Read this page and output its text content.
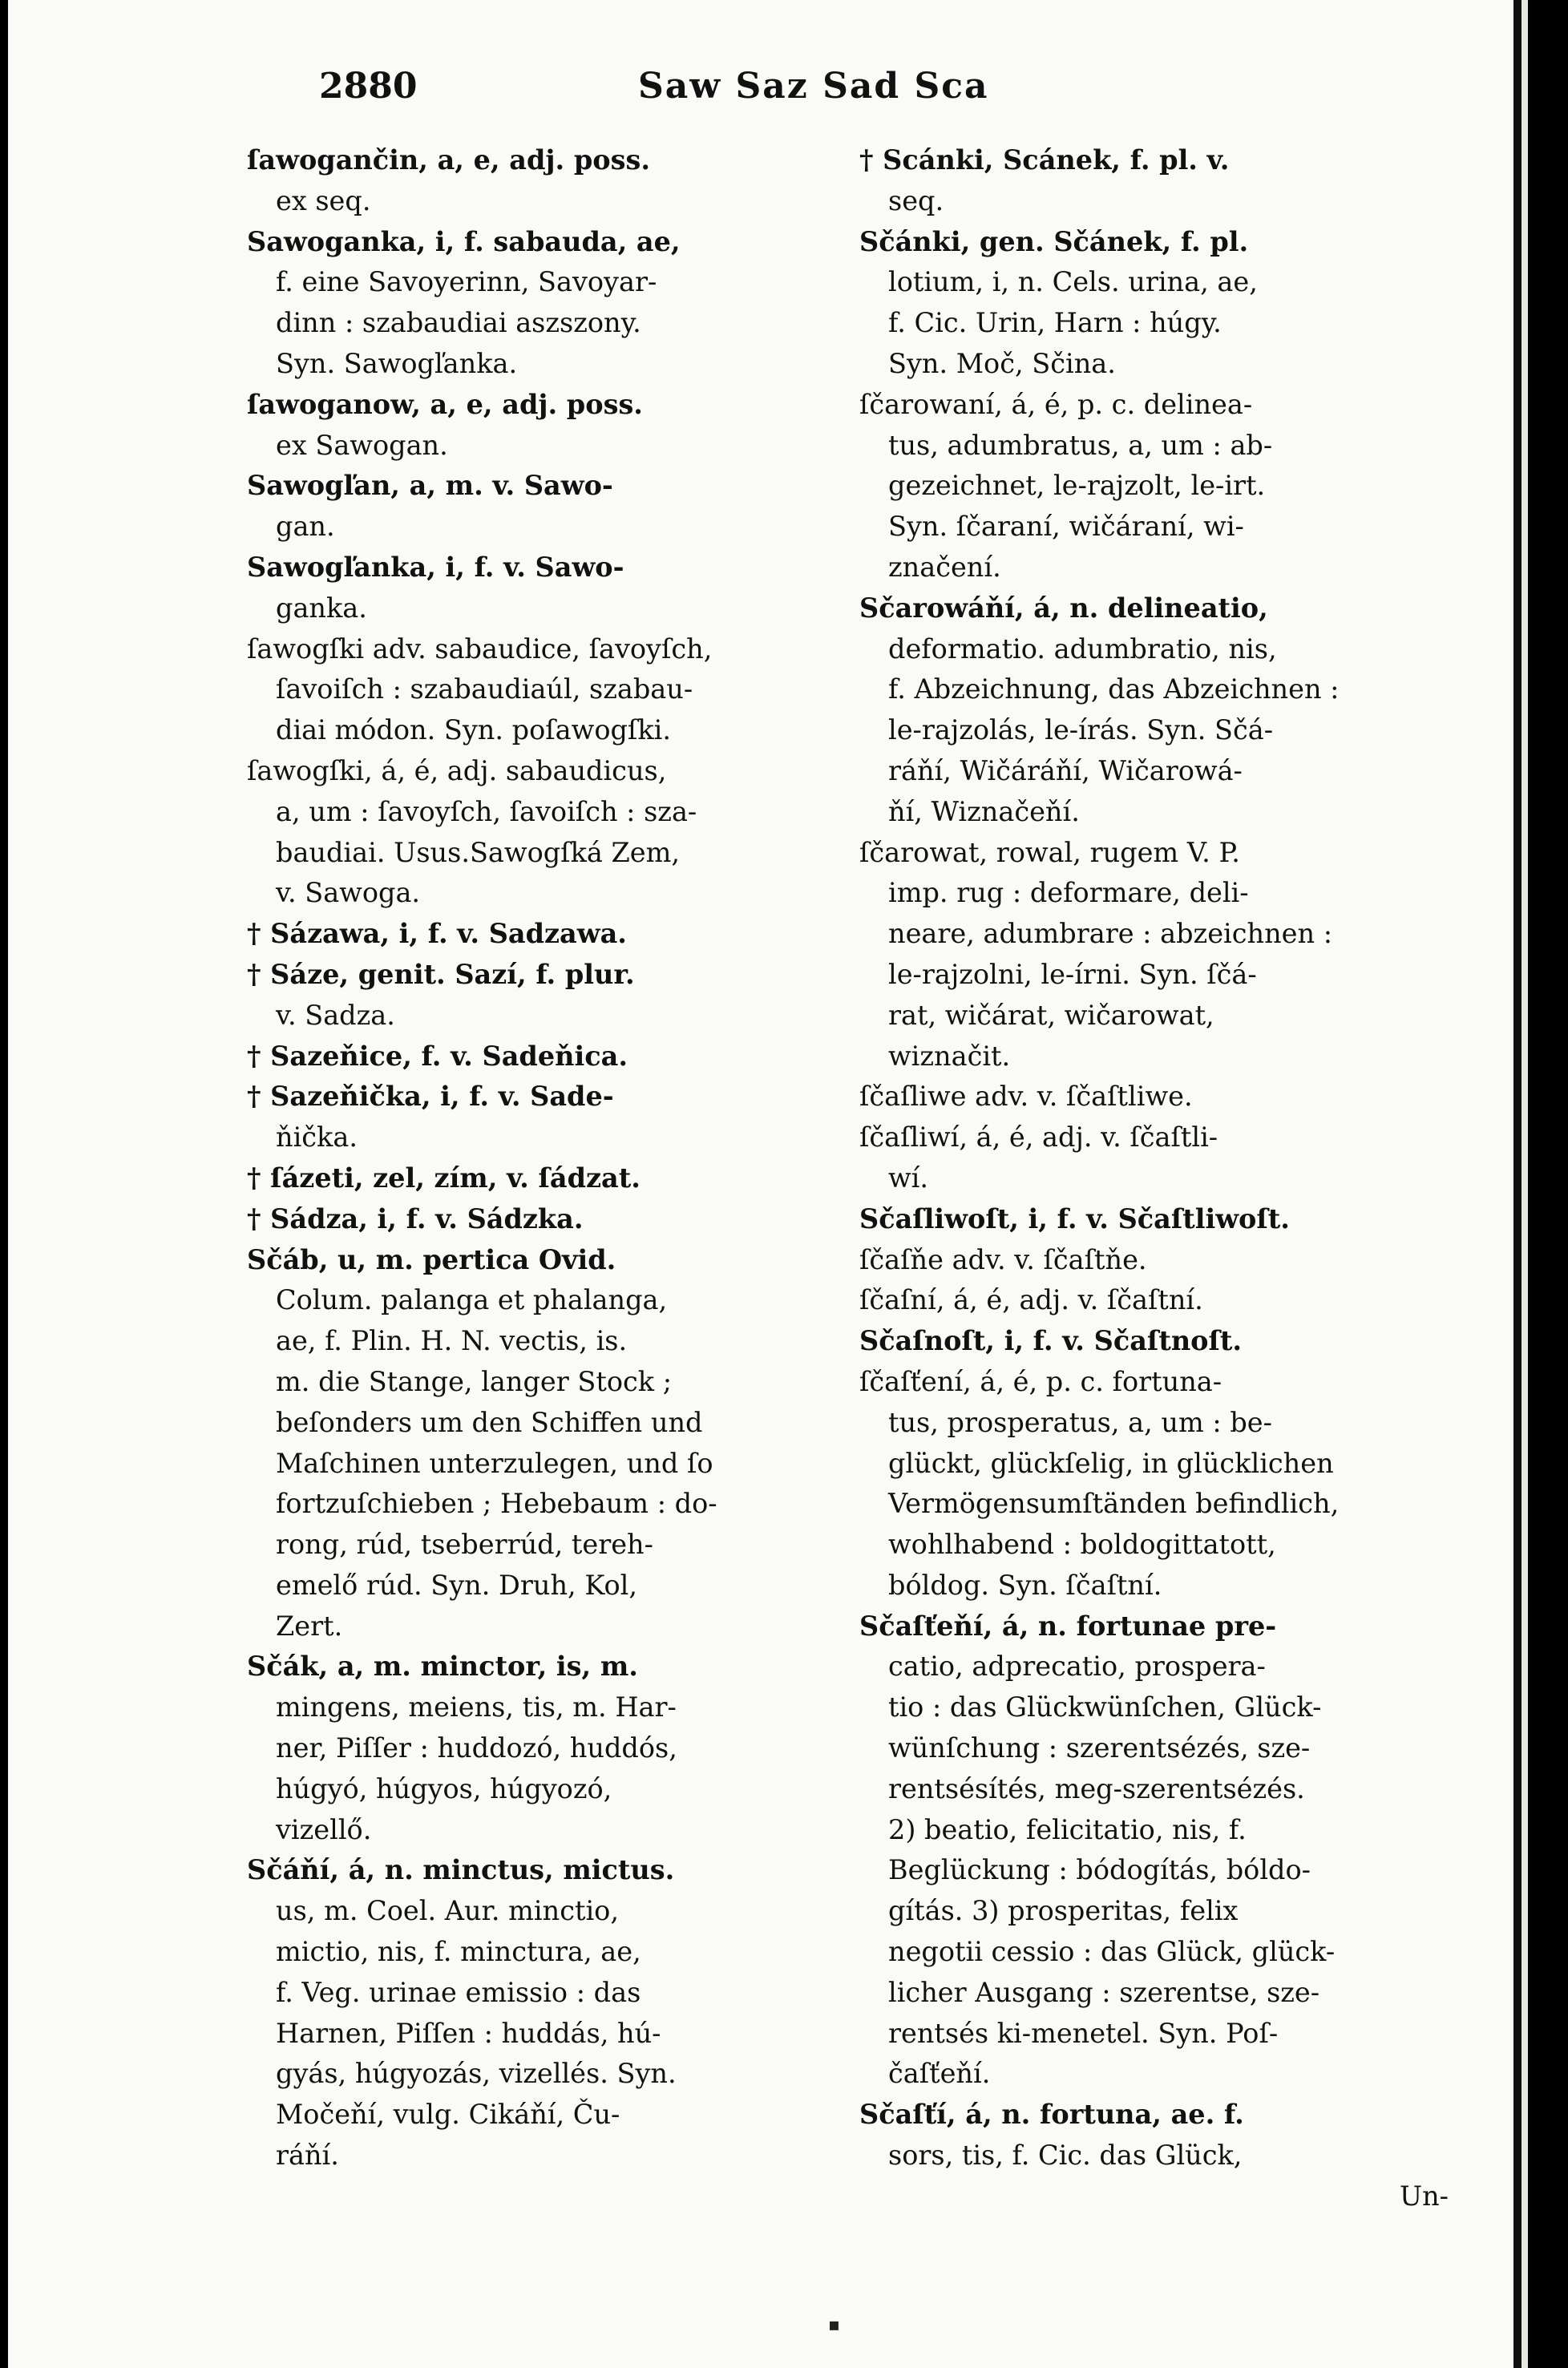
2880	Saw Saz Sad Sca
ſawogančin, a, e, adj. poss.
ex seq.
Sawoganka, i, f. sabauda, ae,
f. eine Savoyerinn, Savoyar-
dinn : szabaudiai aszszony.
Syn. Sawogľanka.
ſawoganow, a, e, adj. poss.
ex Sawogan.
Sawogľan, a, m. v. Sawo-
gan.
Sawogľanka, i, f. v. Sawo-
ganka.
ſawogſki adv. sabaudice, ſavoyſch,
ſavoiſch : szabaudiaúl, szabau-
diai módon. Syn. poſawogſki.
ſawogſki, á, é, adj. sabaudicus,
a, um : ſavoyſch, ſavoiſch : sza-
baudiai. Usus.Sawogſká Zem,
v. Sawoga.
† Sázawa, i, f. v. Sadzawa.
† Sáze, genit. Sazí, f. plur.
v. Sadza.
† Sazeňice, f. v. Sadeňica.
† Sazeňička, i, f. v. Sade-
ňička.
† ſázeti, zel, zím, v. ſádzat.
† Sádza, i, f. v. Sádzka.
Sčáb, u, m. pertica Ovid.
Colum. palanga et phalanga,
ae, f. Plin. H. N. vectis, is.
m. die Stange, langer Stock ;
beſonders um den Schiffen und
Maſchinen unterzulegen, und ſo
fortzuſchieben ; Hebebaum : do-
rong, rúd, tseberrúd, tereh-
emelő rúd. Syn. Druh, Kol,
Zert.
Sčák, a, m. minctor, is, m.
mingens, meiens, tis, m. Har-
ner, Piſſer : huddozó, huddós,
húgyó, húgyos, húgyozó,
vizellő.
Sčáňí, á, n. minctus, mictus.
us, m. Coel. Aur. minctio,
mictio, nis, f. minctura, ae,
f. Veg. urinae emissio : das
Harnen, Piſſen : huddás, hú-
gyás, húgyozás, vizellés. Syn.
Močeňí, vulg. Cikáňí, Ču-
ráňí.
† Scánki, Scánek, f. pl. v.
seq.
Sčánki, gen. Sčánek, f. pl.
lotium, i, n. Cels. urina, ae,
f. Cic. Urin, Harn : húgy.
Syn. Moč, Sčina.
ſčarowaní, á, é, p. c. delinea-
tus, adumbratus, a, um : ab-
gezeichnet, le-rajzolt, le-irt.
Syn. ſčaraní, wičáraní, wi-
značení.
Sčarowáňí, á, n. delineatio,
deformatio. adumbratio, nis,
f. Abzeichnung, das Abzeichnen :
le-rajzolás, le-írás. Syn. Sčá-
ráňí, Wičáráňí, Wičarowá-
ňí, Wiznačeňí.
ſčarowat, rowal, rugem V. P.
imp. rug : deformare, deli-
neare, adumbrare : abzeichnen :
le-rajzolni, le-írni. Syn. ſčá-
rat, wičárat, wičarowat,
wiznačit.
ſčaſliwe adv. v. ſčaſtliwe.
ſčaſliwí, á, é, adj. v. ſčaſtli-
wí.
Sčaſliwoſt, i, f. v. Sčaſtliwoſt.
ſčaſňe adv. v. ſčaſtňe.
ſčaſní, á, é, adj. v. ſčaſtní.
Sčaſnoſt, i, f. v. Sčaſtnoſt.
ſčaſťení, á, é, p. c. fortuna-
tus, prosperatus, a, um : be-
glückt, glückſelig, in glücklichen
Vermögensumſtänden befindlich,
wohlhabend : boldogittatott,
bóldog. Syn. ſčaſtní.
Sčaſťeňí, á, n. fortunae pre-
catio, adprecatio, prospera-
tio : das Glückwünſchen, Glück-
wünſchung : szerentsézés, sze-
rentsésítés, meg-szerentsézés.
2) beatio, felicitatio, nis, f.
Beglückung : bódogítás, bóldo-
gítás. 3) prosperitas, felix
negotii cessio : das Glück, glück-
licher Ausgang : szerentse, sze-
rentsés ki-menetel. Syn. Poſ-
čaſťeňí.
Sčaſťí, á, n. fortuna, ae. f.
sors, tis, f. Cic. das Glück,
Un-
▪
